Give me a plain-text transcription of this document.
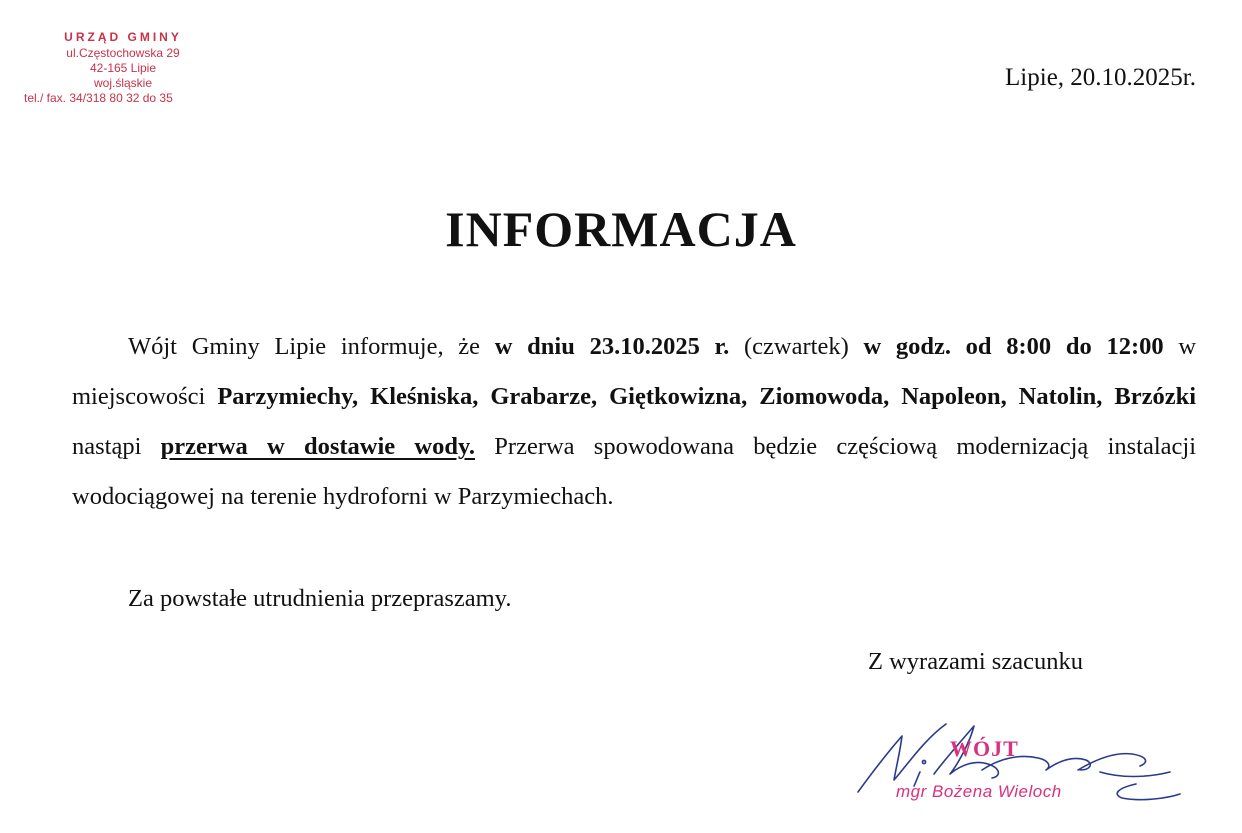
URZĄD GMINY
ul.Częstochowska 29
42-165 Lipie
woj.śląskie
tel./ fax. 34/318 80 32 do 35
Lipie, 20.10.2025r.
INFORMACJA

Wójt Gminy Lipie informuje, że w dniu 23.10.2025 r. (czwartek) w godz. od 8:00 do 12:00 w miejscowości Parzymiechy, Kleśniska, Grabarze, Giętkowizna, Ziomowoda, Napoleon, Natolin, Brzózki nastąpi przerwa w dostawie wody. Przerwa spowodowana będzie częściową modernizacją instalacji wodociągowej na terenie hydroforni w Parzymiechach.

Za powstałe utrudnienia przepraszamy.
Z wyrazami szacunku
WÓJT
mgr Bożena Wieloch
